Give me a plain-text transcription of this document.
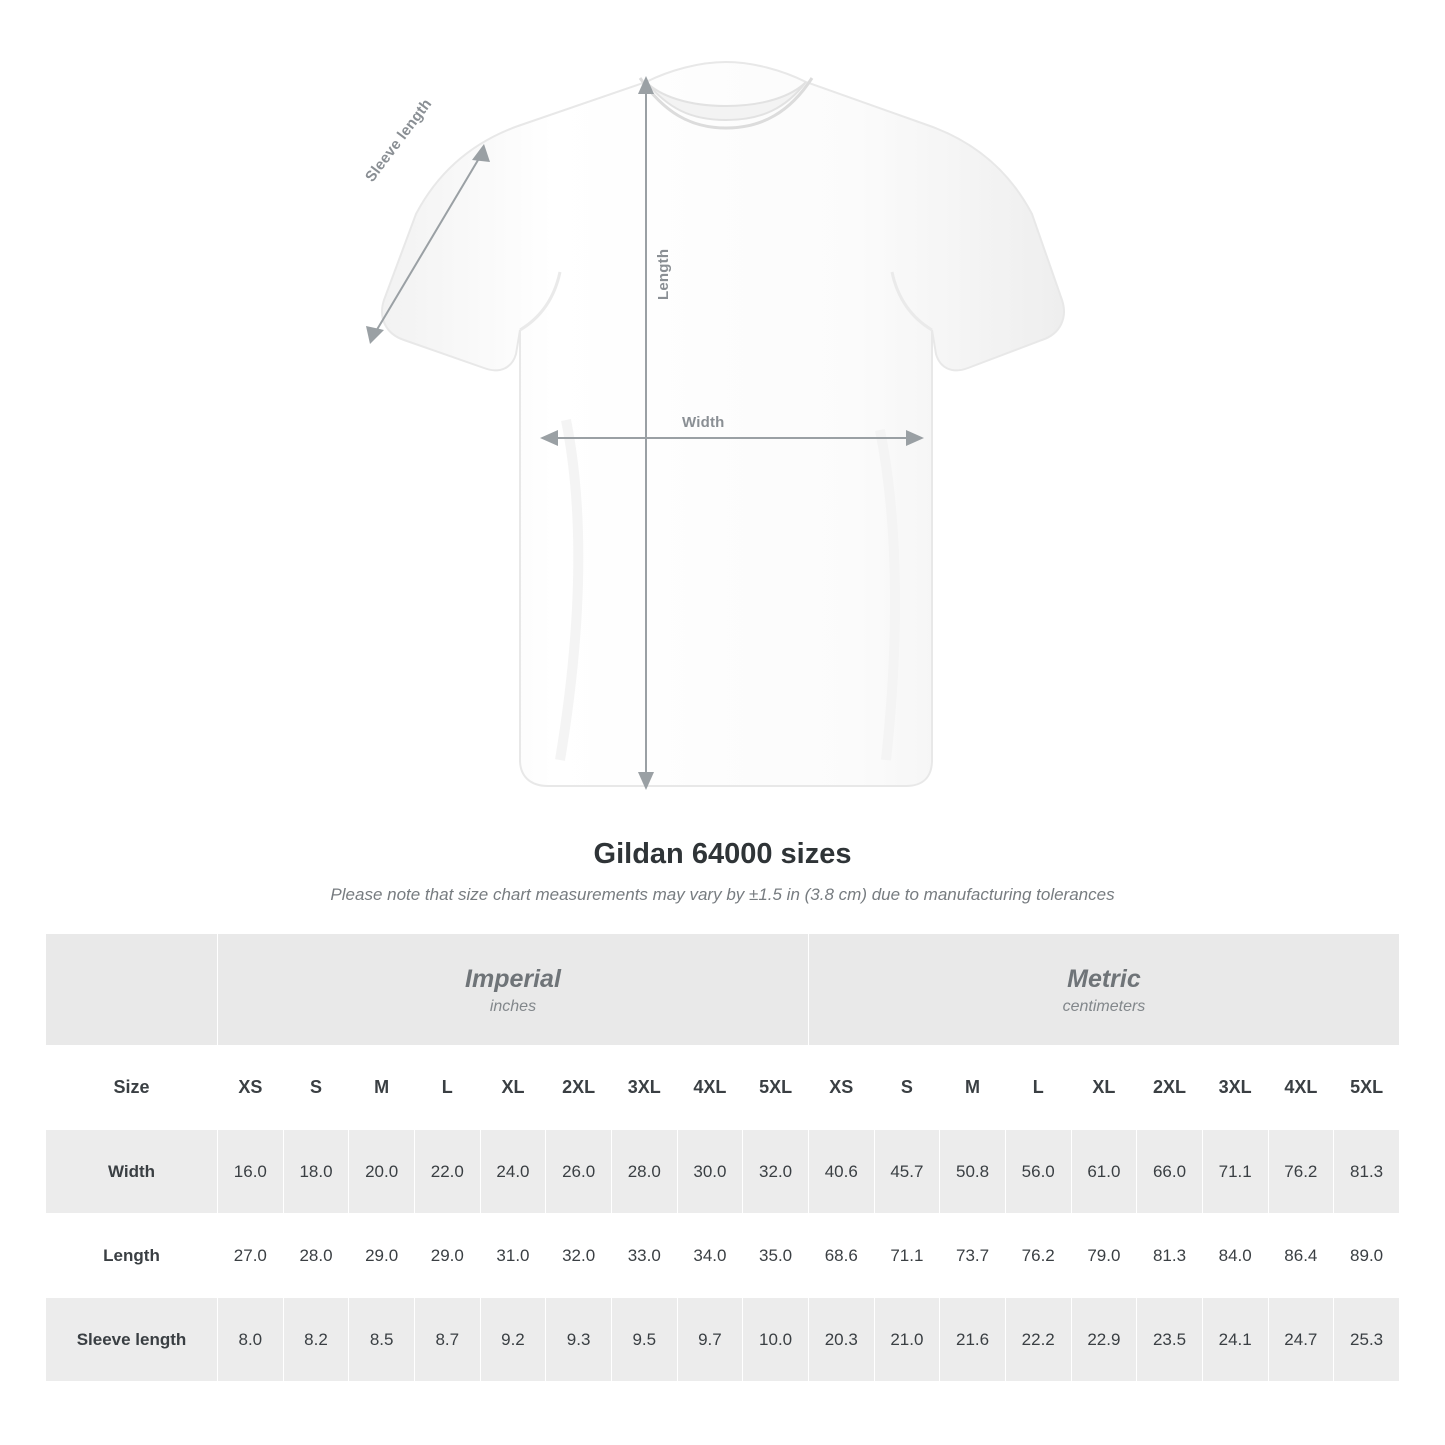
Sleeve length
Length
Width
Gildan 64000 sizes

Please note that size chart measurements may vary by ±1.5 in (3.8 cm) due to manufacturing tolerances

	Imperial
inches									Metric
centimeters								

Size	XS	S	M	L	XL	2XL	3XL	4XL	5XL	XS	S	M	L	XL	2XL	3XL	4XL	5XL
Width	16.0	18.0	20.0	22.0	24.0	26.0	28.0	30.0	32.0	40.6	45.7	50.8	56.0	61.0	66.0	71.1	76.2	81.3
Length	27.0	28.0	29.0	29.0	31.0	32.0	33.0	34.0	35.0	68.6	71.1	73.7	76.2	79.0	81.3	84.0	86.4	89.0
Sleeve length	8.0	8.2	8.5	8.7	9.2	9.3	9.5	9.7	10.0	20.3	21.0	21.6	22.2	22.9	23.5	24.1	24.7	25.3
